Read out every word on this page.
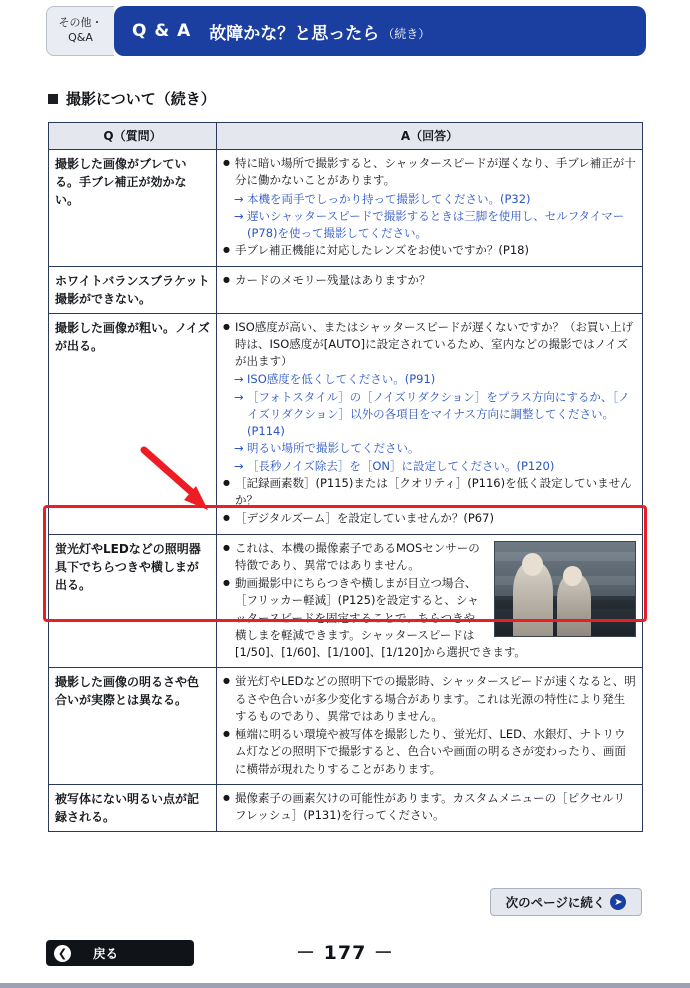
その他・
Q&A Q & A 故障かな？と思ったら （続き）
撮影について（続き）
Q（質問）	A（回答）
撮影した画像がブレている。手ブレ補正が効かない。	
● 特に暗い場所で撮影すると、シャッタースピードが遅くなり、手ブレ補正が十分に働かないことがあります。
→ 本機を両手でしっかり持って撮影してください。(P32)
→ 遅いシャッタースピードで撮影するときは三脚を使用し、セルフタイマー(P78)を使って撮影してください。
● 手ブレ補正機能に対応したレンズをお使いですか？(P18)

ホワイトバランスブラケット撮影ができない。	
● カードのメモリー残量はありますか？

撮影した画像が粗い。ノイズが出る。	
● ISO感度が高い、またはシャッタースピードが遅くないですか？（お買い上げ時は、ISO感度が[AUTO]に設定されているため、室内などの撮影ではノイズが出ます）
→ ISO感度を低くしてください。(P91)
→ ［フォトスタイル］の［ノイズリダクション］をプラス方向にするか、［ノイズリダクション］以外の各項目をマイナス方向に調整してください。(P114)
→ 明るい場所で撮影してください。
→ ［長秒ノイズ除去］を［ON］に設定してください。(P120)
● ［記録画素数］(P115)または［クオリティ］(P116)を低く設定していませんか？
● ［デジタルズーム］を設定していませんか？(P67)

蛍光灯やLEDなどの照明器具下でちらつきや横しまが出る。	
● これは、本機の撮像素子であるMOSセンサーの特徴であり、異常ではありません。
● 動画撮影中にちらつきや横しまが目立つ場合、［フリッカー軽減］(P125)を設定すると、シャッタースピードを固定することで、ちらつきや横しまを軽減できます。シャッタースピードは[1/50]、[1/60]、[1/100]、[1/120]から選択できます。

撮影した画像の明るさや色合いが実際とは異なる。	
● 蛍光灯やLEDなどの照明下での撮影時、シャッタースピードが速くなると、明るさや色合いが多少変化する場合があります。これは光源の特性により発生するものであり、異常ではありません。
● 極端に明るい環境や被写体を撮影したり、蛍光灯、LED、水銀灯、ナトリウム灯などの照明下で撮影すると、色合いや画面の明るさが変わったり、画面に横帯が現れたりすることがあります。

被写体にない明るい点が記録される。	
● 撮像素子の画素欠けの可能性があります。カスタムメニューの［ピクセルリフレッシュ］(P131)を行ってください。
次のページに続く ➤
❮	戻る	－ 177 －
